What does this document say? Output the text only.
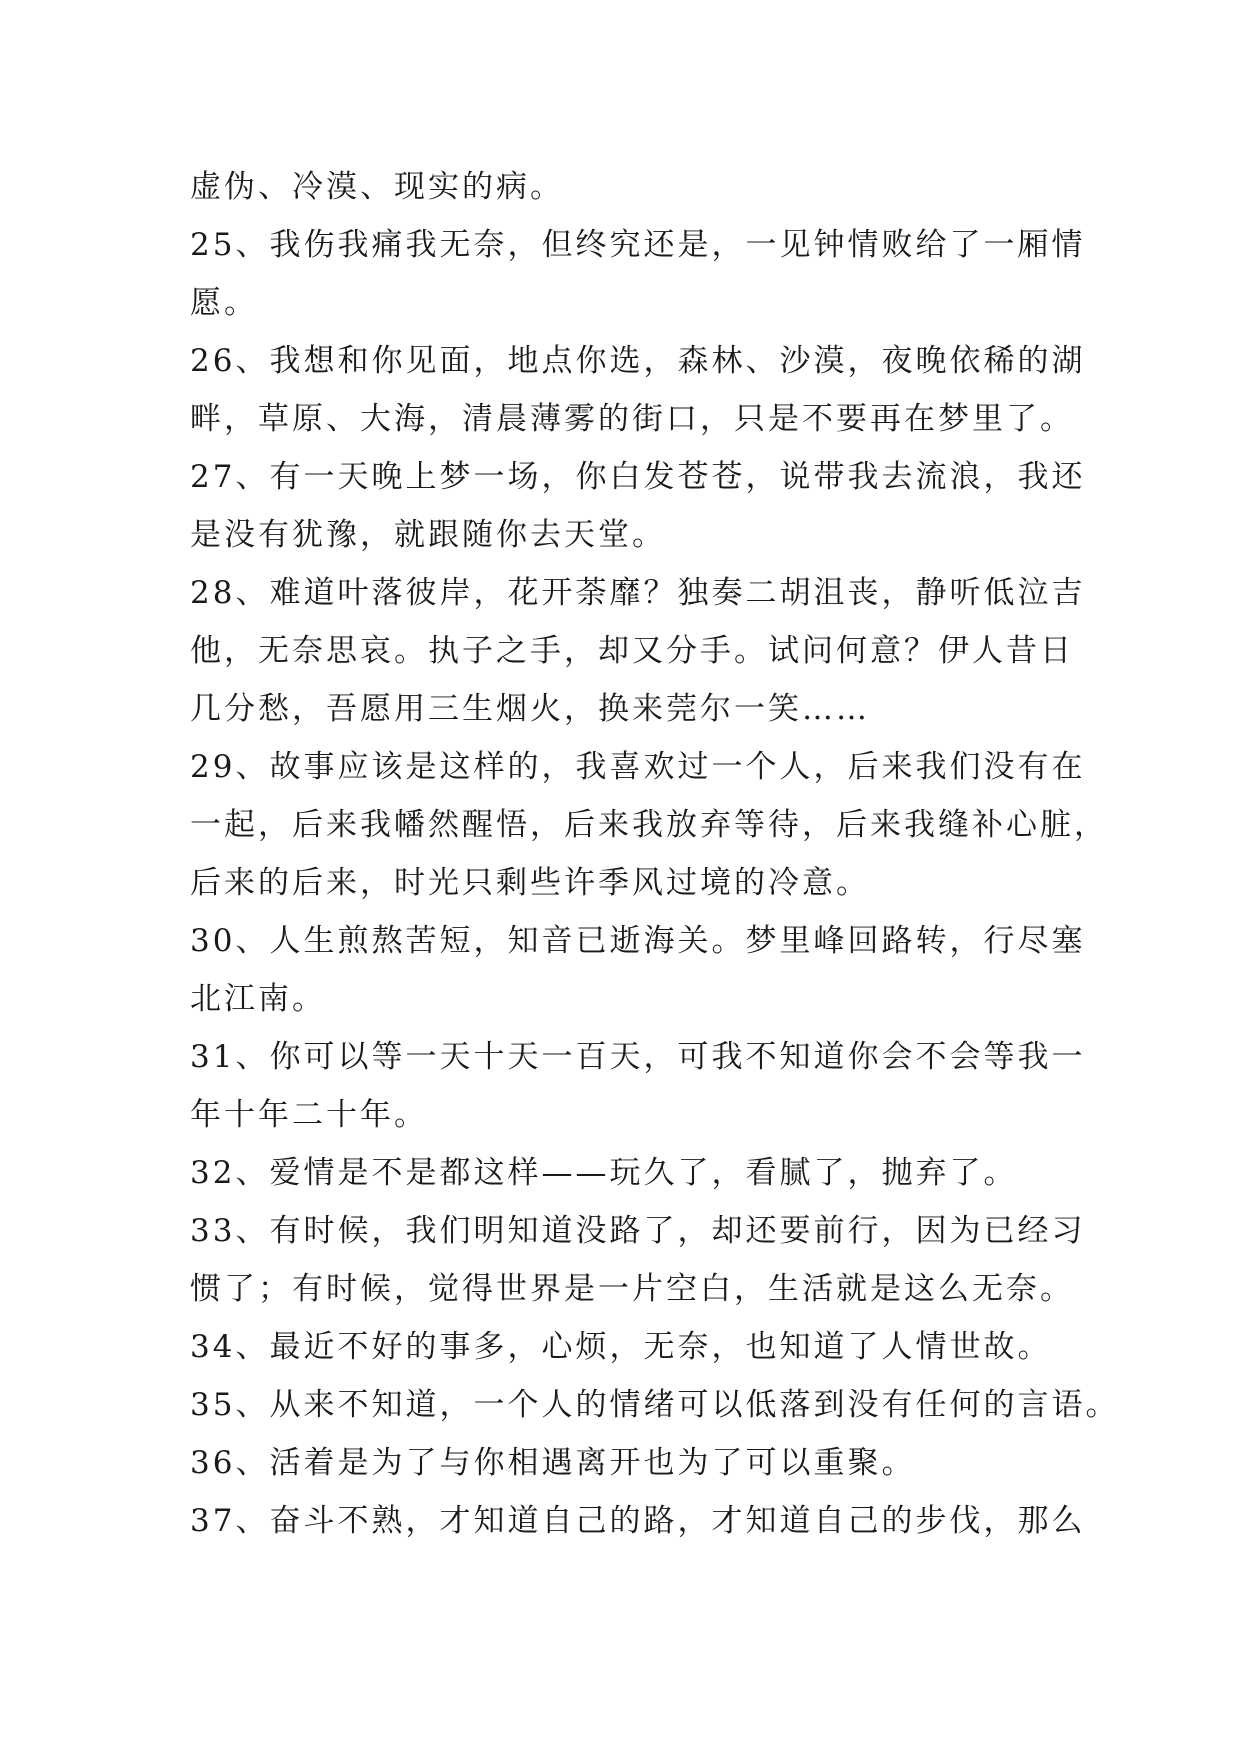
虚伪、冷漠、现实的病。
25、我伤我痛我无奈，但终究还是，一见钟情败给了一厢情
愿。
26、我想和你见面，地点你选，森林、沙漠，夜晚依稀的湖
畔，草原、大海，清晨薄雾的街口，只是不要再在梦里了。
27、有一天晚上梦一场，你白发苍苍，说带我去流浪，我还
是没有犹豫，就跟随你去天堂。
28、难道叶落彼岸，花开荼靡？独奏二胡沮丧，静听低泣吉
他，无奈思哀。执子之手，却又分手。试问何意？伊人昔日
几分愁，吾愿用三生烟火，换来莞尔一笑……
29、故事应该是这样的，我喜欢过一个人，后来我们没有在
一起，后来我幡然醒悟，后来我放弃等待，后来我缝补心脏，
后来的后来，时光只剩些许季风过境的冷意。
30、人生煎熬苦短，知音已逝海关。梦里峰回路转，行尽塞
北江南。
31、你可以等一天十天一百天，可我不知道你会不会等我一
年十年二十年。
32、爱情是不是都这样——玩久了，看腻了，抛弃了。
33、有时候，我们明知道没路了，却还要前行，因为已经习
惯了；有时候，觉得世界是一片空白，生活就是这么无奈。
34、最近不好的事多，心烦，无奈，也知道了人情世故。
35、从来不知道，一个人的情绪可以低落到没有任何的言语。
36、活着是为了与你相遇离开也为了可以重聚。
37、奋斗不熟，才知道自己的路，才知道自己的步伐，那么
